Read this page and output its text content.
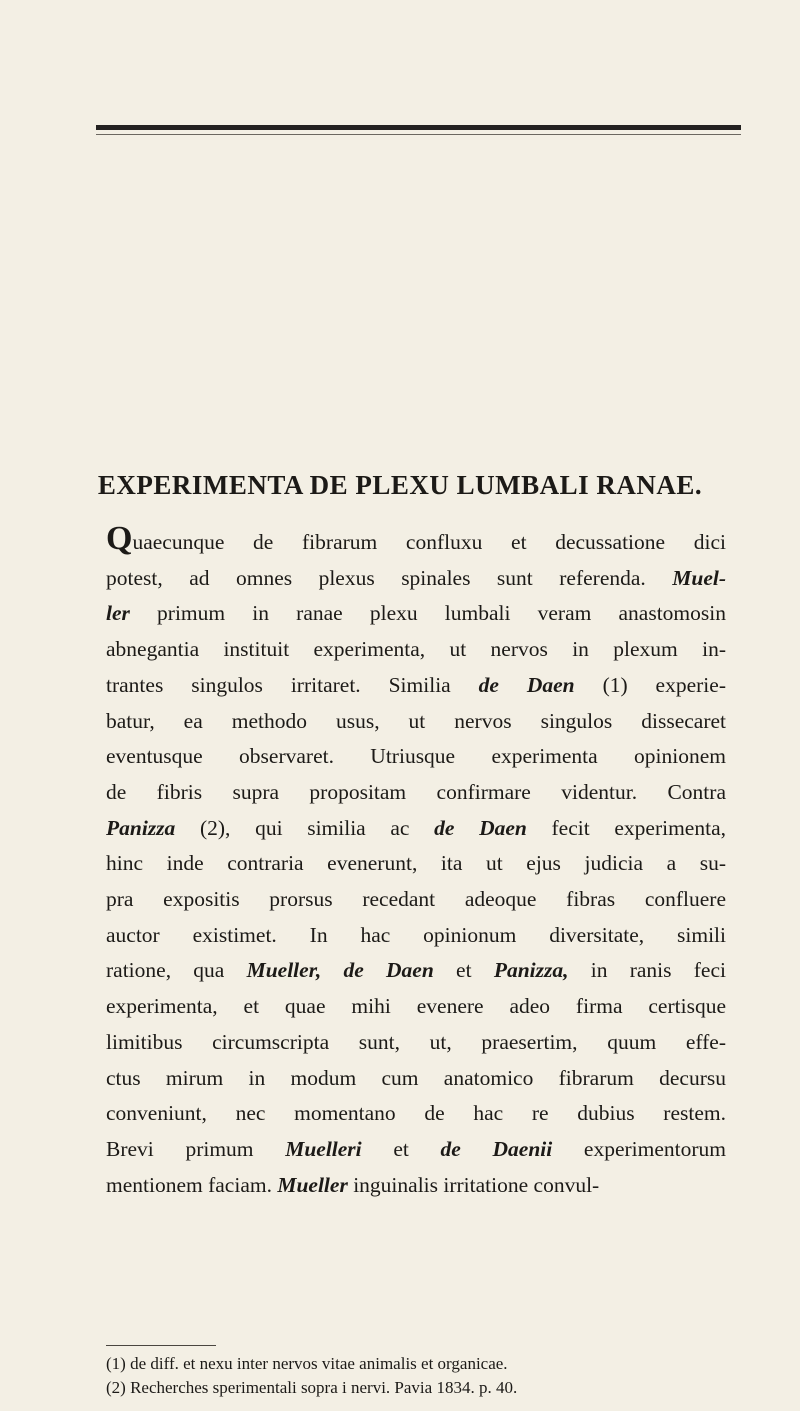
EXPERIMENTA DE PLEXU LUMBALI RANAE.
Quaecunque de fibrarum confluxu et decussatione dici
potest, ad omnes plexus spinales sunt referenda. Muel-
ler primum in ranae plexu lumbali veram anastomosin
abnegantia instituit experimenta, ut nervos in plexum in-
trantes singulos irritaret. Similia de Daen (1) experie-
batur, ea methodo usus, ut nervos singulos dissecaret
eventusque observaret. Utriusque experimenta opinionem
de fibris supra propositam confirmare videntur. Contra
Panizza (2), qui similia ac de Daen fecit experimenta,
hinc inde contraria evenerunt, ita ut ejus judicia a su-
pra expositis prorsus recedant adeoque fibras confluere
auctor existimet. In hac opinionum diversitate, simili
ratione, qua Mueller, de Daen et Panizza, in ranis feci
experimenta, et quae mihi evenere adeo firma certisque
limitibus circumscripta sunt, ut, praesertim, quum effe-
ctus mirum in modum cum anatomico fibrarum decursu
conveniunt, nec momentano de hac re dubius restem.
Brevi primum Muelleri et de Daenii experimentorum
mentionem faciam. Mueller inguinalis irritatione convul-
(1) de diff. et nexu inter nervos vitae animalis et organicae.
(2) Recherches sperimentali sopra i nervi. Pavia 1834. p. 40.
